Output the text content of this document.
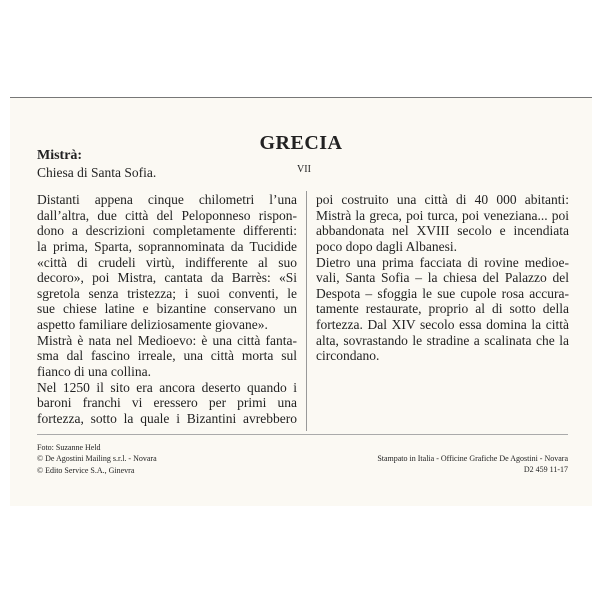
GRECIA
VII
Mistrà:
Chiesa di Santa Sofia.
Distanti appena cinque chilometri l’una
dall’altra, due città del Peloponneso rispon-
dono a descrizioni completamente differenti:
la prima, Sparta, soprannominata da Tucidide
«città di crudeli virtù, indifferente al suo
decoro», poi Mistra, cantata da Barrès: «Si
sgretola senza tristezza; i suoi conventi, le
sue chiese latine e bizantine conservano un
aspetto familiare deliziosamente giovane».
Mistrà è nata nel Medioevo: è una città fanta-
sma dal fascino irreale, una città morta sul
fianco di una collina.
Nel 1250 il sito era ancora deserto quando i
baroni franchi vi eressero per primi una
fortezza, sotto la quale i Bizantini avrebbero
poi costruito una città di 40 000 abitanti:
Mistrà la greca, poi turca, poi veneziana... poi
abbandonata nel XVIII secolo e incendiata
poco dopo dagli Albanesi.
Dietro una prima facciata di rovine medioe-
vali, Santa Sofia – la chiesa del Palazzo del
Despota – sfoggia le sue cupole rosa accura-
tamente restaurate, proprio al di sotto della
fortezza. Dal XIV secolo essa domina la città
alta, sovrastando le stradine a scalinata che la
circondano.
Foto: Suzanne Held
© De Agostini Mailing s.r.l. - Novara
© Edito Service S.A., Ginevra
Stampato in Italia - Officine Grafiche De Agostini - Novara
D2 459 11-17
